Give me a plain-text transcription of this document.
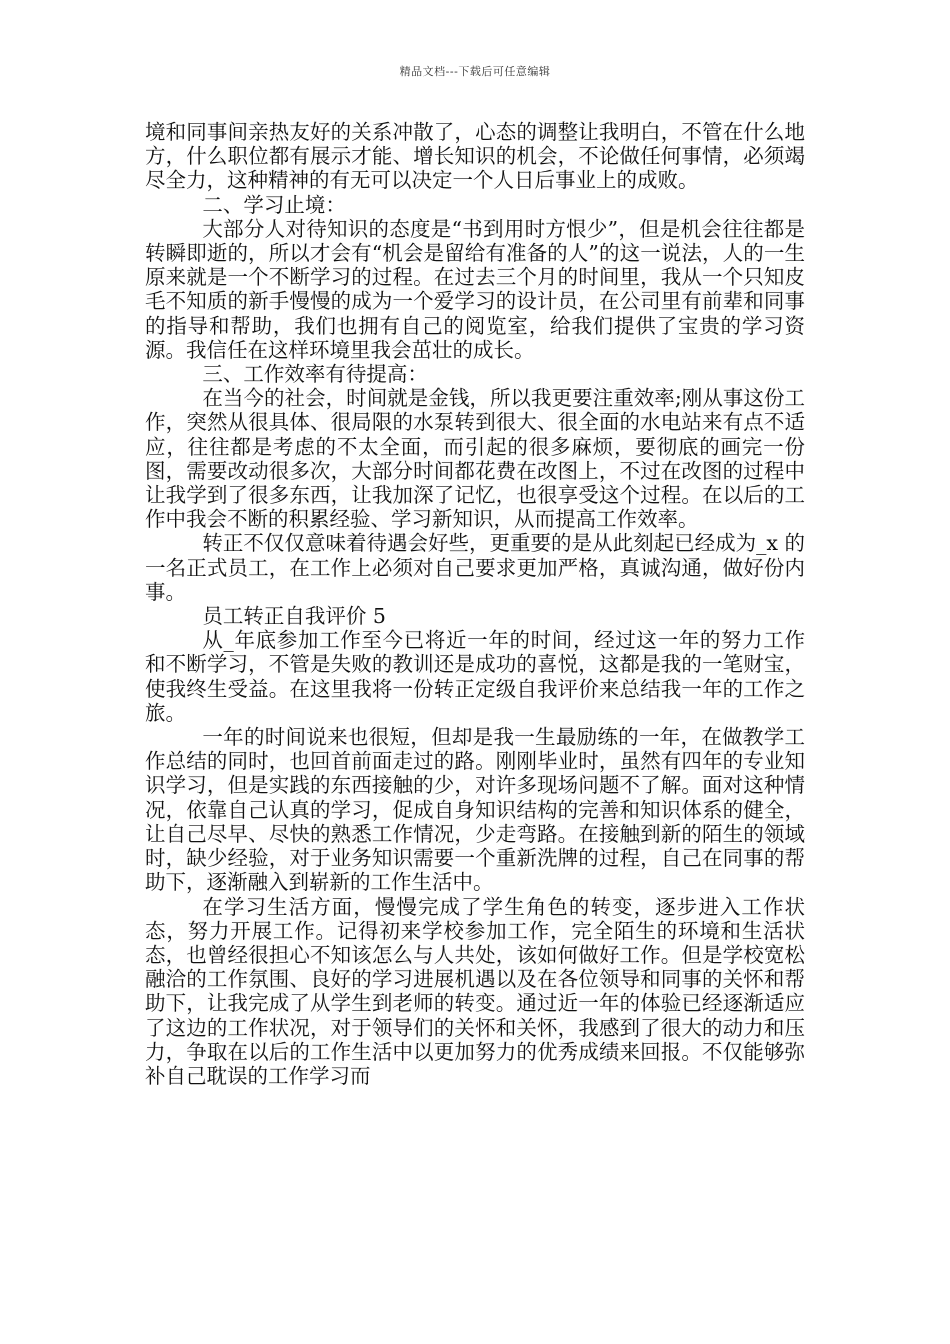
精品文档---下载后可任意编辑

境和同事间亲热友好的关系冲散了，心态的调整让我明白，不管在什么地方，什么职位都有展示才能、增长知识的机会，不论做任何事情，必须竭尽全力，这种精神的有无可以决定一个人日后事业上的成败。

二、学习止境：

大部分人对待知识的态度是“书到用时方恨少”，但是机会往往都是转瞬即逝的，所以才会有“机会是留给有准备的人”的这一说法，人的一生原来就是一个不断学习的过程。在过去三个月的时间里，我从一个只知皮毛不知质的新手慢慢的成为一个爱学习的设计员，在公司里有前辈和同事的指导和帮助，我们也拥有自己的阅览室，给我们提供了宝贵的学习资源。我信任在这样环境里我会茁壮的成长。

三、工作效率有待提高：

在当今的社会，时间就是金钱，所以我更要注重效率;刚从事这份工作，突然从很具体、很局限的水泵转到很大、很全面的水电站来有点不适应，往往都是考虑的不太全面，而引起的很多麻烦，要彻底的画完一份图，需要改动很多次，大部分时间都花费在改图上，不过在改图的过程中让我学到了很多东西，让我加深了记忆，也很享受这个过程。在以后的工作中我会不断的积累经验、学习新知识，从而提高工作效率。

转正不仅仅意味着待遇会好些，更重要的是从此刻起已经成为_x 的一名正式员工，在工作上必须对自己要求更加严格，真诚沟通，做好份内事。

员工转正自我评价 5

从_年底参加工作至今已将近一年的时间，经过这一年的努力工作和不断学习，不管是失败的教训还是成功的喜悦，这都是我的一笔财宝，使我终生受益。在这里我将一份转正定级自我评价来总结我一年的工作之旅。

一年的时间说来也很短，但却是我一生最励练的一年，在做教学工作总结的同时，也回首前面走过的路。刚刚毕业时，虽然有四年的专业知识学习，但是实践的东西接触的少，对许多现场问题不了解。面对这种情况，依靠自己认真的学习，促成自身知识结构的完善和知识体系的健全，让自己尽早、尽快的熟悉工作情况，少走弯路。在接触到新的陌生的领域时，缺少经验，对于业务知识需要一个重新洗牌的过程，自己在同事的帮助下，逐渐融入到崭新的工作生活中。

在学习生活方面，慢慢完成了学生角色的转变，逐步进入工作状态，努力开展工作。记得初来学校参加工作，完全陌生的环境和生活状态，也曾经很担心不知该怎么与人共处，该如何做好工作。但是学校宽松融洽的工作氛围、良好的学习进展机遇以及在各位领导和同事的关怀和帮助下，让我完成了从学生到老师的转变。通过近一年的体验已经逐渐适应了这边的工作状况，对于领导们的关怀和关怀，我感到了很大的动力和压力，争取在以后的工作生活中以更加努力的优秀成绩来回报。不仅能够弥补自己耽误的工作学习而
